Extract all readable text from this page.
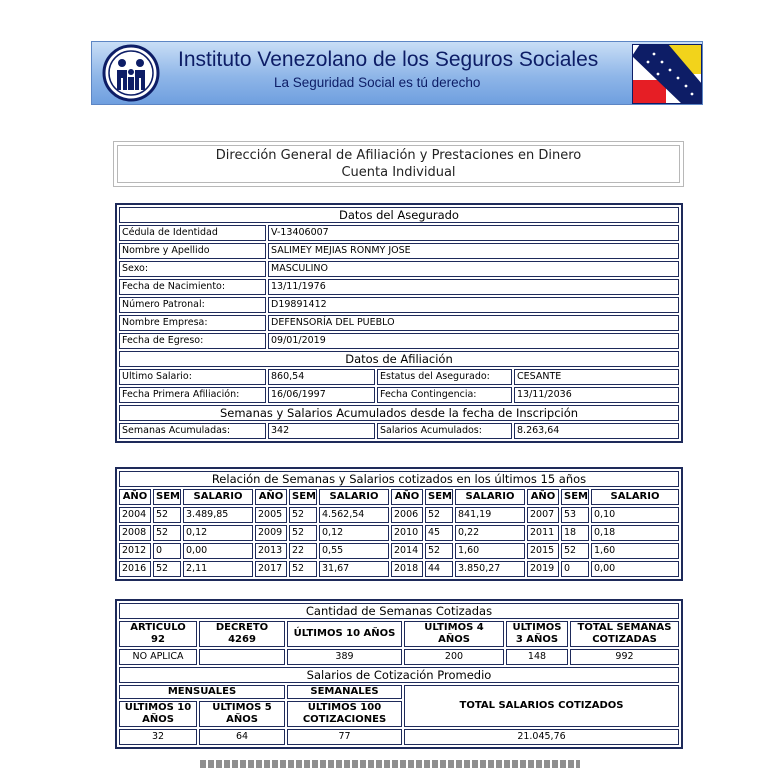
Instituto Venezolano de los Seguros Sociales
La Seguridad Social es tú derecho
Dirección General de Afiliación y Prestaciones en Dinero
Cuenta Individual
Datos del Asegurado			
Cédula de Identidad	V-13406007		
Nombre y Apellido	SALIMEY MEJIAS RONMY JOSE		
Sexo:	MASCULINO		
Fecha de Nacimiento:	13/11/1976		
Número Patronal:	D19891412		
Nombre Empresa:	DEFENSORÍA DEL PUEBLO		
Fecha de Egreso:	09/01/2019		
Datos de Afiliación			
Ultimo Salario:	860,54	Estatus del Asegurado:	CESANTE
Fecha Primera Afiliación:	16/06/1997	Fecha Contingencia:	13/11/2036
Semanas y Salarios Acumulados desde la fecha de Inscripción			
Semanas Acumuladas:	342	Salarios Acumulados:	8.263,64
Relación de Semanas y Salarios cotizados en los últimos 15 años											
AÑO	SEM	SALARIO	AÑO	SEM	SALARIO	AÑO	SEM	SALARIO	AÑO	SEM	SALARIO
2004	52	3.489,85	2005	52	4.562,54	2006	52	841,19	2007	53	0,10
2008	52	0,12	2009	52	0,12	2010	45	0,22	2011	18	0,18
2012	0	0,00	2013	22	0,55	2014	52	1,60	2015	52	1,60
2016	52	2,11	2017	52	31,67	2018	44	3.850,27	2019	0	0,00
Cantidad de Semanas Cotizadas					
ARTICULO 92	DECRETO 4269	ÚLTIMOS 10 AÑOS	ÚLTIMOS 4 AÑOS	ÚLTIMOS 3 AÑOS	TOTAL SEMANAS COTIZADAS
NO APLICA		389	200	148	992
Salarios de Cotización Promedio					
MENSUALES		SEMANALES	TOTAL SALARIOS COTIZADOS		
ÚLTIMOS 10 AÑOS	ÚLTIMOS 5 AÑOS	ÚLTIMOS 100 COTIZACIONES			
32	64	77	21.045,76		
